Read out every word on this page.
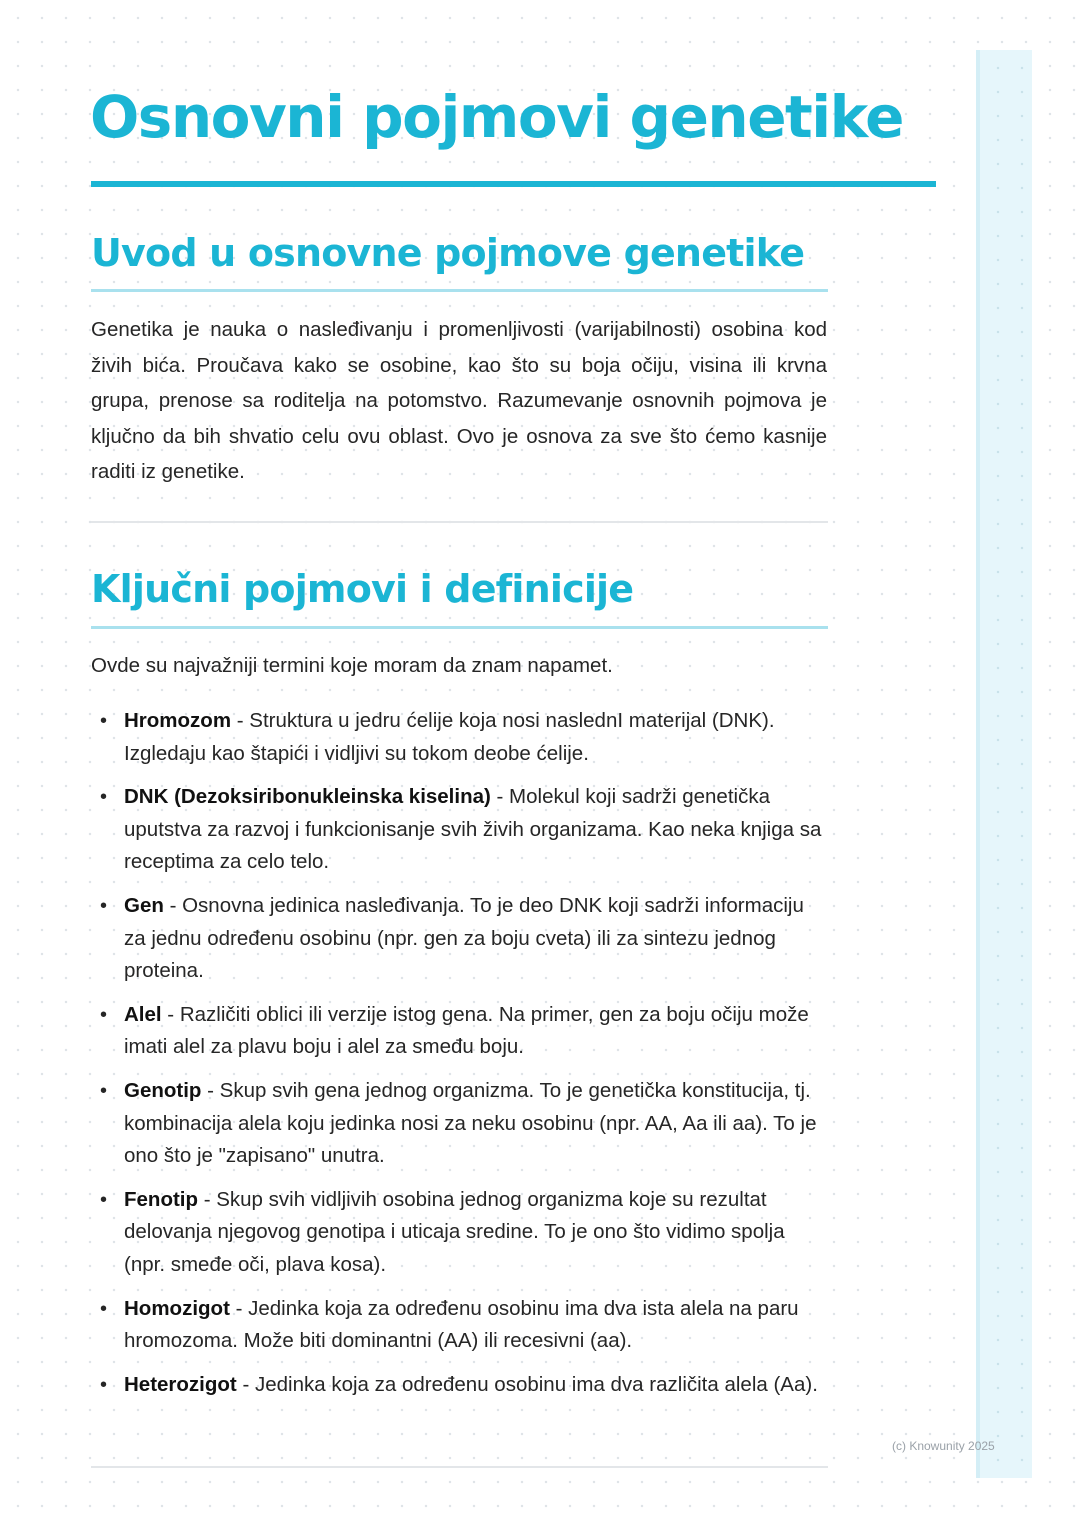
Osnovni pojmovi genetike
Uvod u osnovne pojmove genetike

Genetika je nauka o nasleđivanju i promenljivosti (varijabilnosti) osobina kod živih bića. Proučava kako se osobine, kao što su boja očiju, visina ili krvna grupa, prenose sa roditelja na potomstvo. Razumevanje osnovnih pojmova je ključno da bih shvatio celu ovu oblast. Ovo je osnova za sve što ćemo kasnije raditi iz genetike.

Ključni pojmovi i definicije

Ovde su najvažniji termini koje moram da znam napamet.

• Hromozom - Struktura u jedru ćelije koja nosi naslednI materijal (DNK). Izgledaju kao štapići i vidljivi su tokom deobe ćelije.
• DNK (Dezoksiribonukleinska kiselina) - Molekul koji sadrži genetička uputstva za razvoj i funkcionisanje svih živih organizama. Kao neka knjiga sa receptima za celo telo.
• Gen - Osnovna jedinica nasleđivanja. To je deo DNK koji sadrži informaciju za jednu određenu osobinu (npr. gen za boju cveta) ili za sintezu jednog proteina.
• Alel - Različiti oblici ili verzije istog gena. Na primer, gen za boju očiju može imati alel za plavu boju i alel za smeđu boju.
• Genotip - Skup svih gena jednog organizma. To je genetička konstitucija, tj. kombinacija alela koju jedinka nosi za neku osobinu (npr. AA, Aa ili aa). To je ono što je "zapisano" unutra.
• Fenotip - Skup svih vidljivih osobina jednog organizma koje su rezultat delovanja njegovog genotipa i uticaja sredine. To je ono što vidimo spolja (npr. smeđe oči, plava kosa).
• Homozigot - Jedinka koja za određenu osobinu ima dva ista alela na paru hromozoma. Može biti dominantni (AA) ili recesivni (aa).
• Heterozigot - Jedinka koja za određenu osobinu ima dva različita alela (Aa).
(c) Knowunity 2025
